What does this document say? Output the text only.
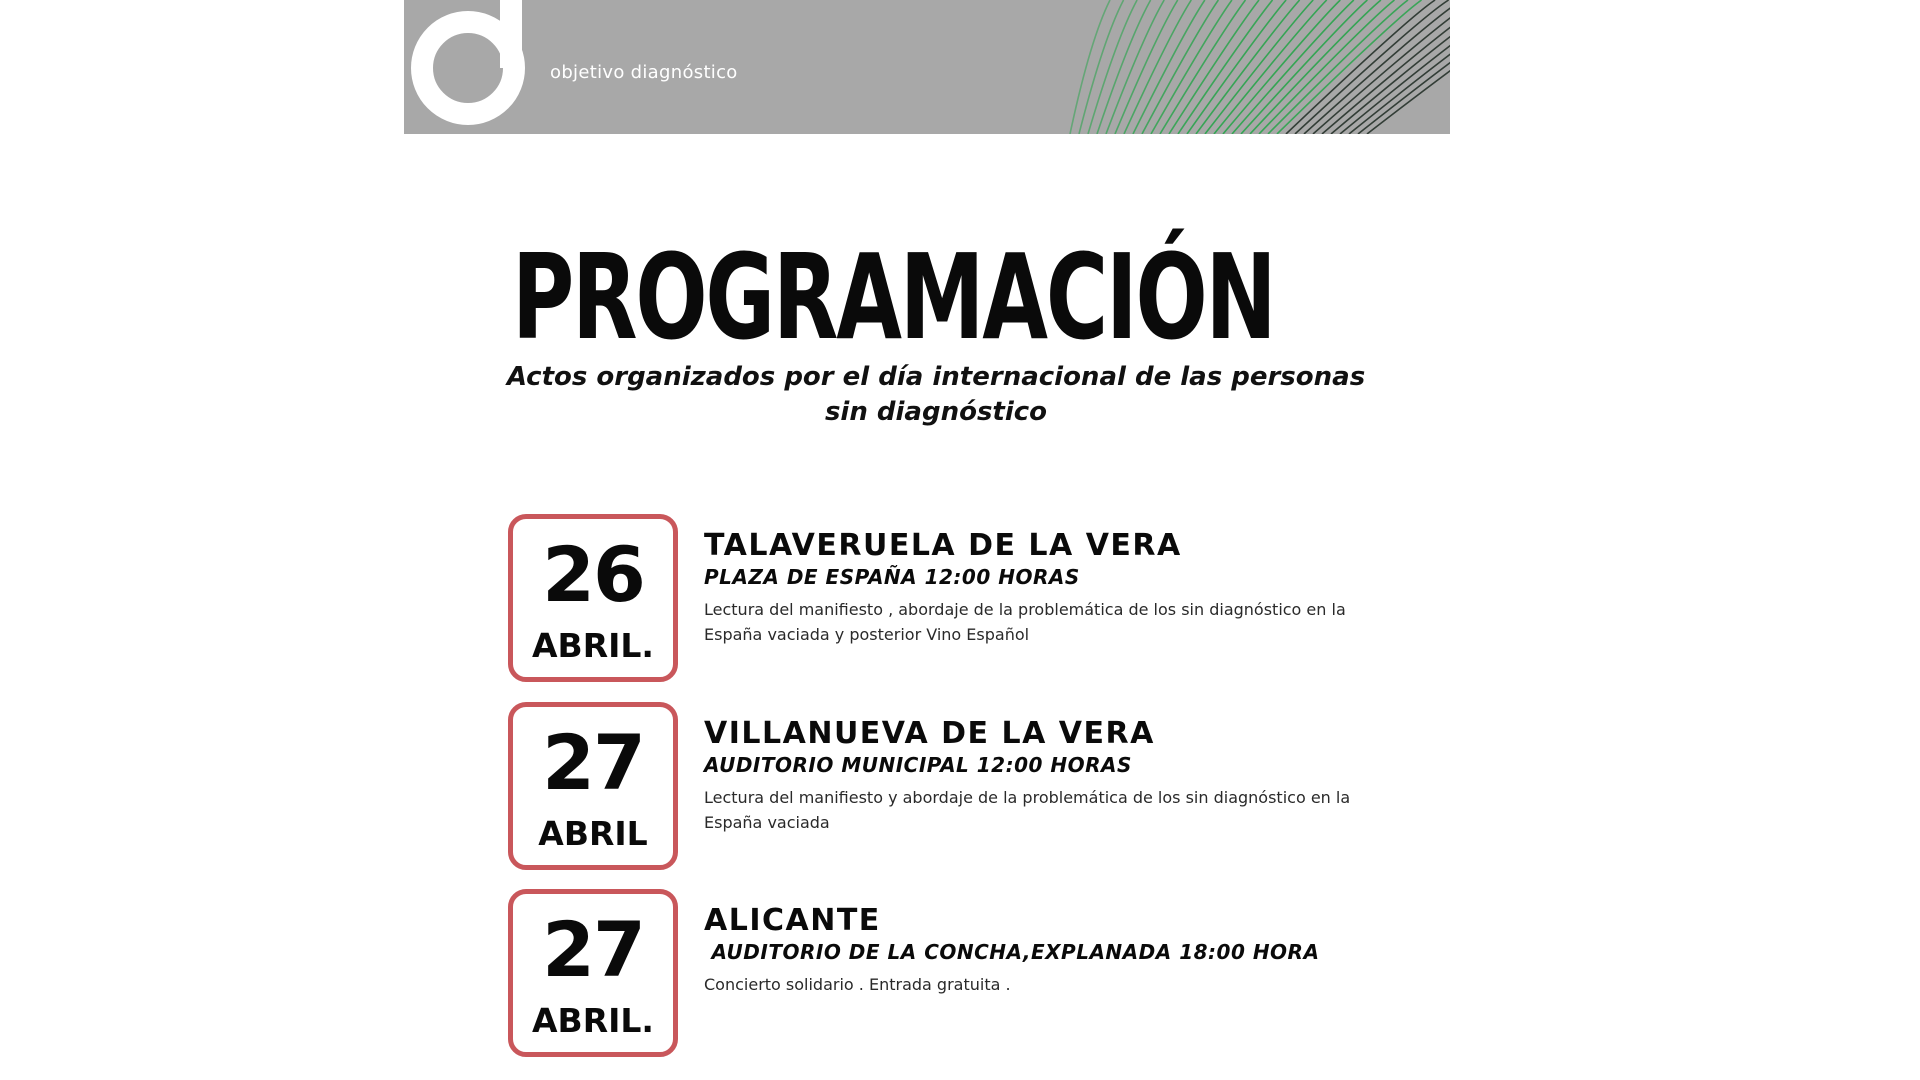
objetivo diagnóstico
PROGRAMACIÓN
Actos organizados por el día internacional de las personas
sin diagnóstico
26
ABRIL.
TALAVERUELA DE LA VERA
PLAZA DE ESPAÑA 12:00 HORAS
Lectura del manifiesto , abordaje de la problemática de los sin diagnóstico en la
España vaciada y posterior Vino Español
27
ABRIL
VILLANUEVA DE LA VERA
AUDITORIO MUNICIPAL 12:00 HORAS
Lectura del manifiesto y abordaje de la problemática de los sin diagnóstico en la
España vaciada
27
ABRIL.
ALICANTE
AUDITORIO DE LA CONCHA,EXPLANADA 18:00 HORA
Concierto solidario . Entrada gratuita .
